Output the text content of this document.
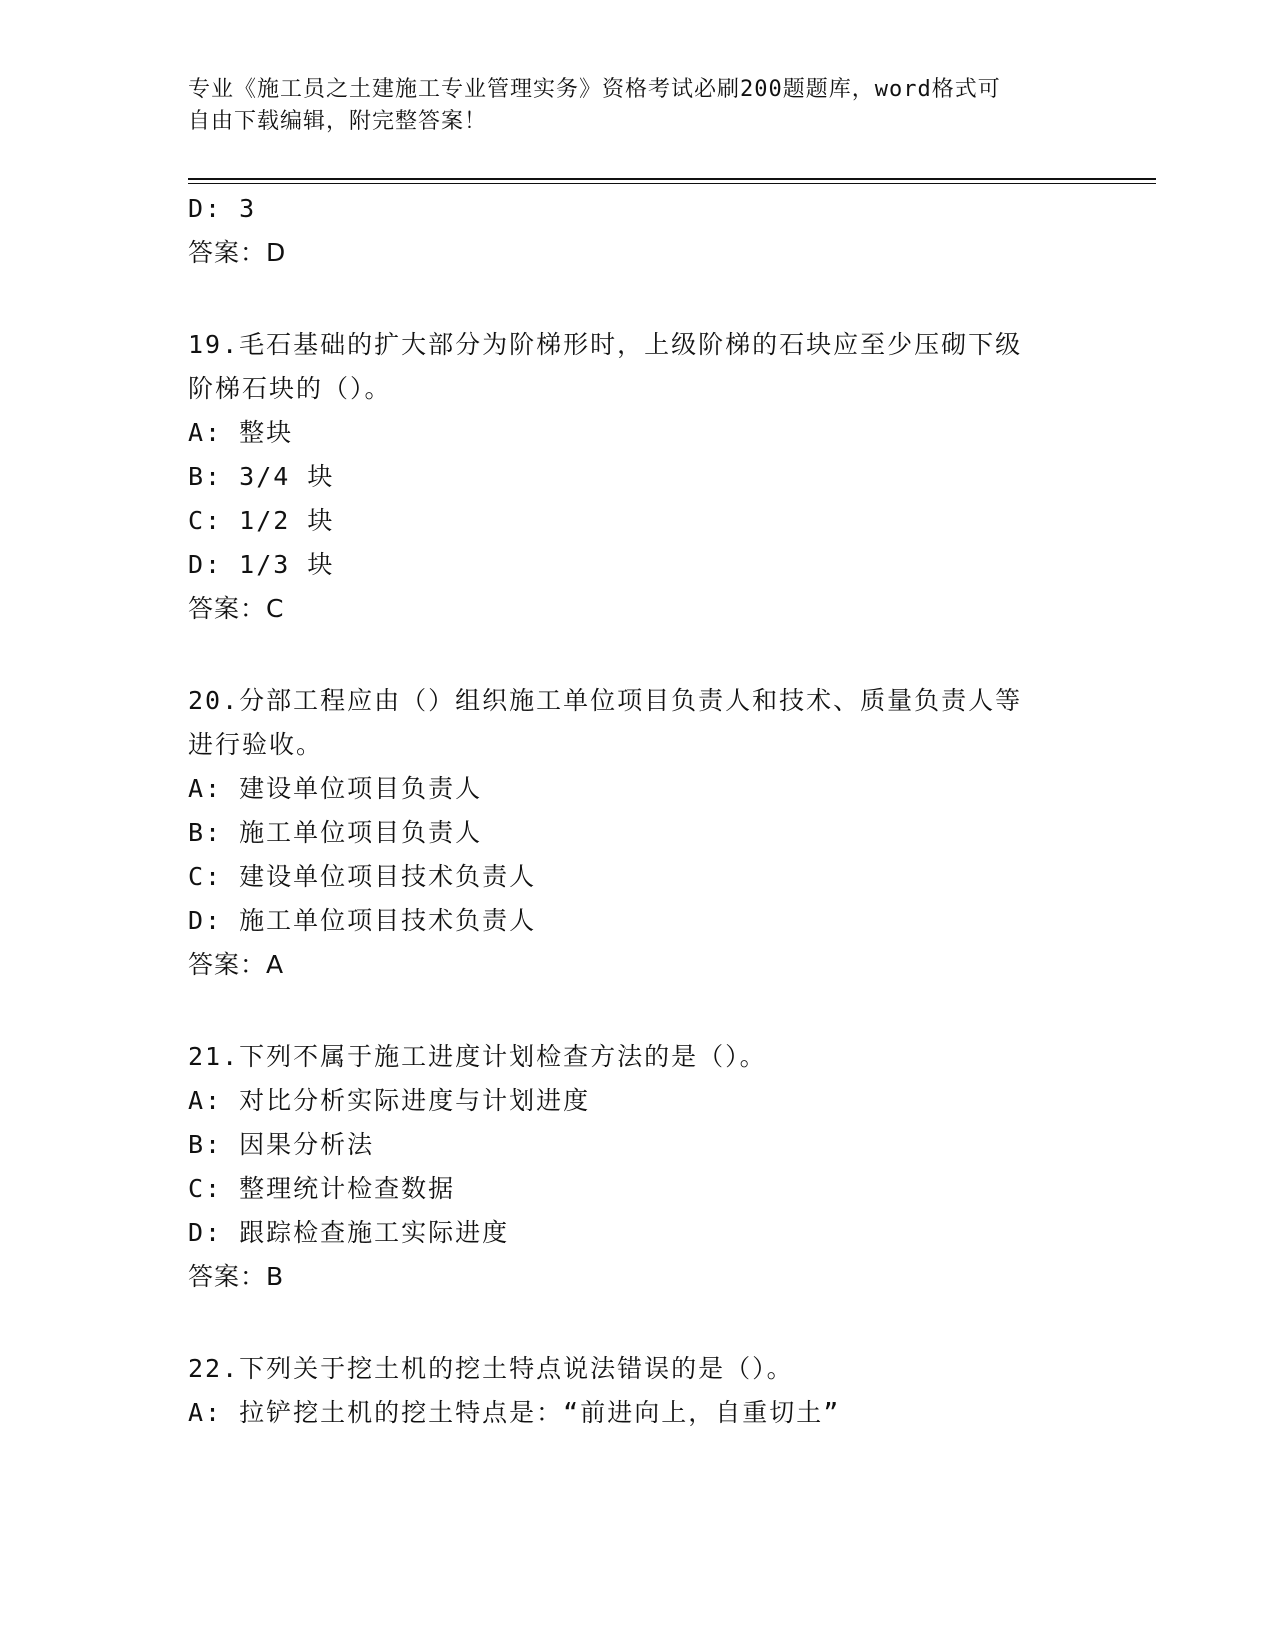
专业《施工员之土建施工专业管理实务》资格考试必刷200题题库，word格式可
自由下载编辑，附完整答案！
D: 3
答案：D
19.毛石基础的扩大部分为阶梯形时，上级阶梯的石块应至少压砌下级
阶梯石块的（）。
A: 整块
B: 3/4 块
C: 1/2 块
D: 1/3 块
答案：C
20.分部工程应由（）组织施工单位项目负责人和技术、质量负责人等
进行验收。
A: 建设单位项目负责人
B: 施工单位项目负责人
C: 建设单位项目技术负责人
D: 施工单位项目技术负责人
答案：A
21.下列不属于施工进度计划检查方法的是（）。
A: 对比分析实际进度与计划进度
B: 因果分析法
C: 整理统计检查数据
D: 跟踪检查施工实际进度
答案：B
22.下列关于挖土机的挖土特点说法错误的是（）。
A: 拉铲挖土机的挖土特点是：“前进向上，自重切土”
